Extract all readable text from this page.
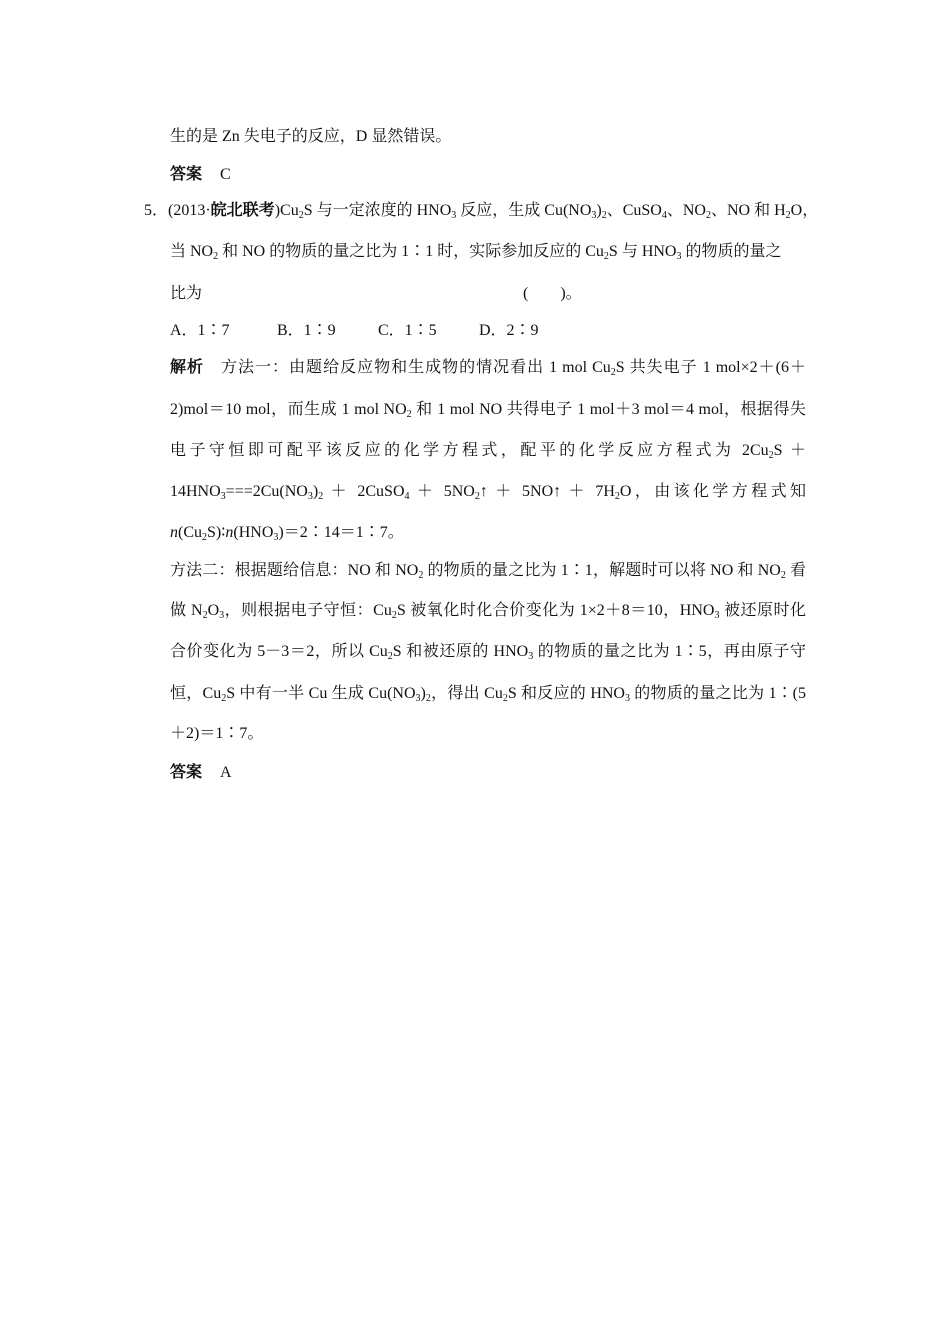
生的是 Zn 失电子的反应，D 显然错误。
答案 C
5．(2013·皖北联考)$Cu_2S$ 与一定浓度的 $HNO_3$ 反应，生成 $Cu(NO_3)_2$、CuSO$_4$、$NO_2$、NO 和 $H_2O$，
当 $NO_2$ 和 NO 的物质的量之比为 1∶1 时，实际参加反应的 $Cu_2S$ 与 $HNO_3$ 的物质的量之
比为	(　　)。
A．1∶7	B．1∶9	C．1∶5	D．2∶9
解析 方法一：由题给反应物和生成物的情况看出 1 mol $Cu_2S$ 共失电子 1 mol×2＋(6＋
2)mol＝10 mol，而生成 1 mol $NO_2$ 和 1 mol NO 共得电子 1 mol＋3 mol＝4 mol，根据得失
电子守恒即可配平该反应的化学方程式，配平的化学反应方程式为 $2Cu_2S$ ＋
$14HNO_3===2Cu(NO_3)_2$ ＋ 2CuSO$_4$ ＋ $5NO_2↑$ ＋ 5NO↑ ＋ $7H_2O$，由该化学方程式知
$n(Cu_2S)∶n(HNO_3)=2∶14=1∶7$。
方法二：根据题给信息：NO 和 $NO_2$ 的物质的量之比为 1∶1，解题时可以将 NO 和 $NO_2$ 看
做 $N_2O_3$，则根据电子守恒：$Cu_2S$ 被氧化时化合价变化为 1×2＋8＝10，$HNO_3$ 被还原时化
合价变化为 5－3＝2，所以 $Cu_2S$ 和被还原的 $HNO_3$ 的物质的量之比为 1∶5，再由原子守
恒，$Cu_2S$ 中有一半 Cu 生成 $Cu(NO_3)_2$，得出 $Cu_2S$ 和反应的 $HNO_3$ 的物质的量之比为 1∶(5
＋2)＝1∶7。
答案 A
